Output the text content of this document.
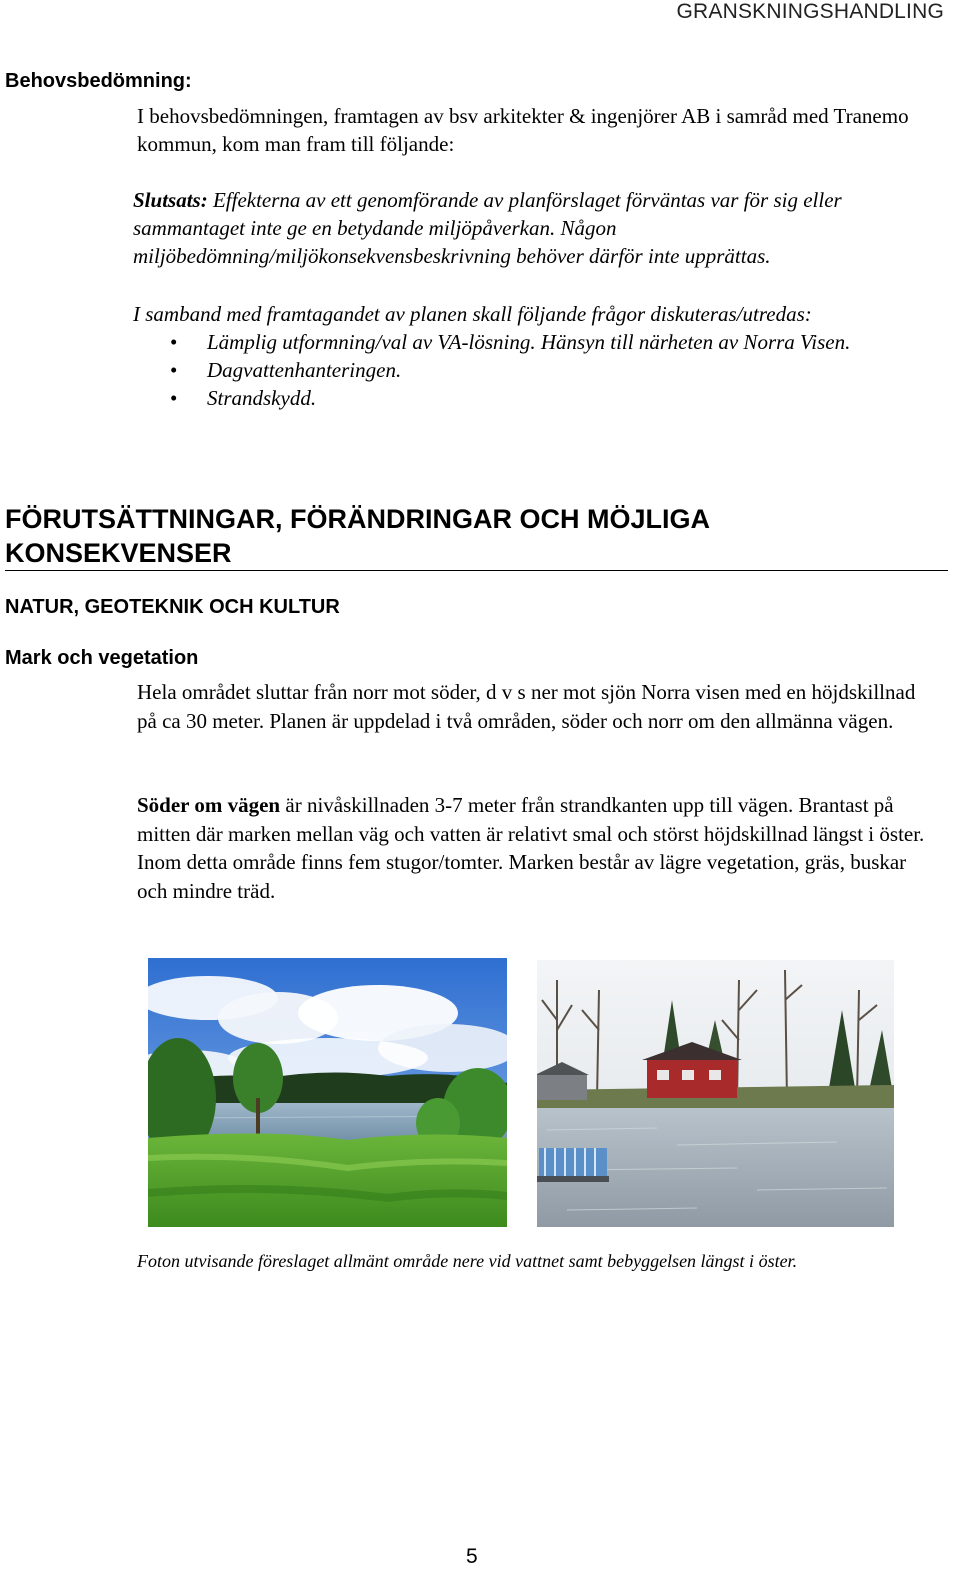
GRANSKNINGSHANDLING
Behovsbedömning:
I behovsbedömningen, framtagen av bsv arkitekter & ingenjörer AB i samråd med Tranemo kommun, kom man fram till följande:
Slutsats: Effekterna av ett genomförande av planförslaget förväntas var för sig eller sammantaget inte ge en betydande miljöpåverkan. Någon miljöbedömning/miljökonsekvensbeskrivning behöver därför inte upprättas.
I samband med framtagandet av planen skall följande frågor diskuteras/utredas:
• Lämplig utformning/val av VA-lösning. Hänsyn till närheten av Norra Visen.
• Dagvattenhanteringen.
• Strandskydd.
FÖRUTSÄTTNINGAR, FÖRÄNDRINGAR OCH MÖJLIGA KONSEKVENSER
NATUR, GEOTEKNIK OCH KULTUR
Mark och vegetation
Hela området sluttar från norr mot söder, d v s ner mot sjön Norra visen med en höjdskillnad på ca 30 meter. Planen är uppdelad i två områden, söder och norr om den allmänna vägen.
Söder om vägen är nivåskillnaden 3-7 meter från strandkanten upp till vägen. Brantast på mitten där marken mellan väg och vatten är relativt smal och störst höjdskillnad längst i öster. Inom detta område finns fem stugor/tomter. Marken består av lägre vegetation, gräs, buskar och mindre träd.
Foton utvisande föreslaget allmänt område nere vid vattnet samt bebyggelsen längst i öster.
5
